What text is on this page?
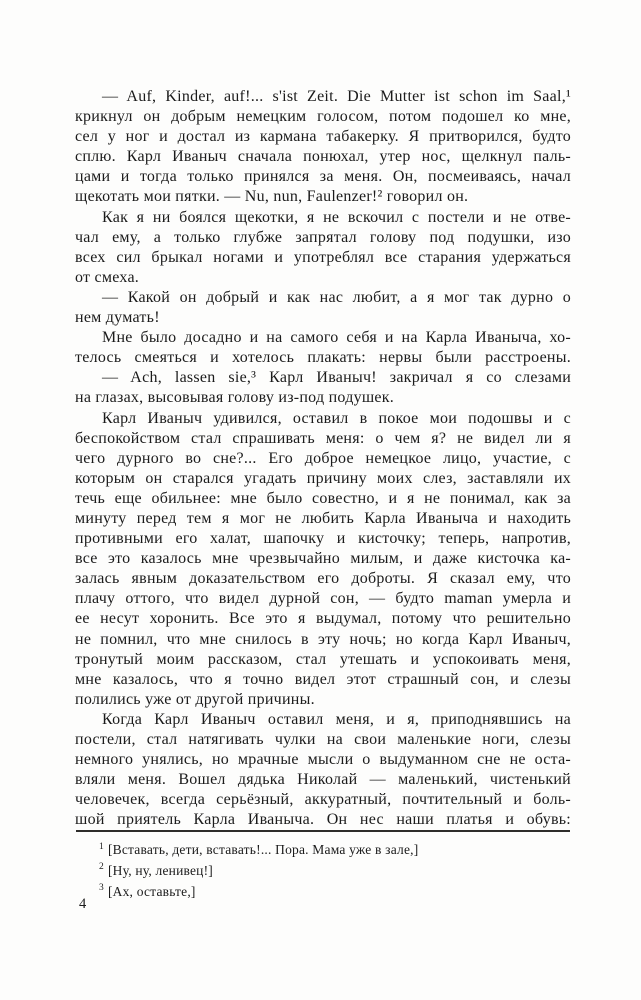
— Auf, Kinder, auf!... s'ist Zeit. Die Mutter ist schon im Saal,¹
крикнул он добрым немецким голосом, потом подошел ко мне,
сел у ног и достал из кармана табакерку. Я притворился, будто
сплю. Карл Иваныч сначала понюхал, утер нос, щелкнул паль-
цами и тогда только принялся за меня. Он, посмеиваясь, начал
щекотать мои пятки. — Nu, nun, Faulenzer!² говорил он.
Как я ни боялся щекотки, я не вскочил с постели и не отве-
чал ему, а только глубже запрятал голову под подушки, изо
всех сил брыкал ногами и употреблял все старания удержаться
от смеха.
— Какой он добрый и как нас любит, а я мог так дурно о
нем думать!
Мне было досадно и на самого себя и на Карла Иваныча, хо-
телось смеяться и хотелось плакать: нервы были расстроены.
— Ach, lassen sie,³ Карл Иваныч! закричал я со слезами
на глазах, высовывая голову из-под подушек.
Карл Иваныч удивился, оставил в покое мои подошвы и с
беспокойством стал спрашивать меня: о чем я? не видел ли я
чего дурного во сне?... Его доброе немецкое лицо, участие, с
которым он старался угадать причину моих слез, заставляли их
течь еще обильнее: мне было совестно, и я не понимал, как за
минуту перед тем я мог не любить Карла Иваныча и находить
противными его халат, шапочку и кисточку; теперь, напротив,
все это казалось мне чрезвычайно милым, и даже кисточка ка-
залась явным доказательством его доброты. Я сказал ему, что
плачу оттого, что видел дурной сон, — будто maman умерла и
ее несут хоронить. Все это я выдумал, потому что решительно
не помнил, что мне снилось в эту ночь; но когда Карл Иваныч,
тронутый моим рассказом, стал утешать и успокоивать меня,
мне казалось, что я точно видел этот страшный сон, и слезы
полились уже от другой причины.
Когда Карл Иваныч оставил меня, и я, приподнявшись на
постели, стал натягивать чулки на свои маленькие ноги, слезы
немного унялись, но мрачные мысли о выдуманном сне не оста-
вляли меня. Вошел дядька Николай — маленький, чистенький
человечек, всегда серьёзный, аккуратный, почтительный и боль-
шой приятель Карла Иваныча. Он нес наши платья и обувь:
$^1$ [Вставать, дети, вставать!... Пора. Мама уже в зале,]
$^2$ [Ну, ну, ленивец!]
$^3$ [Ах, оставьте,]
4
